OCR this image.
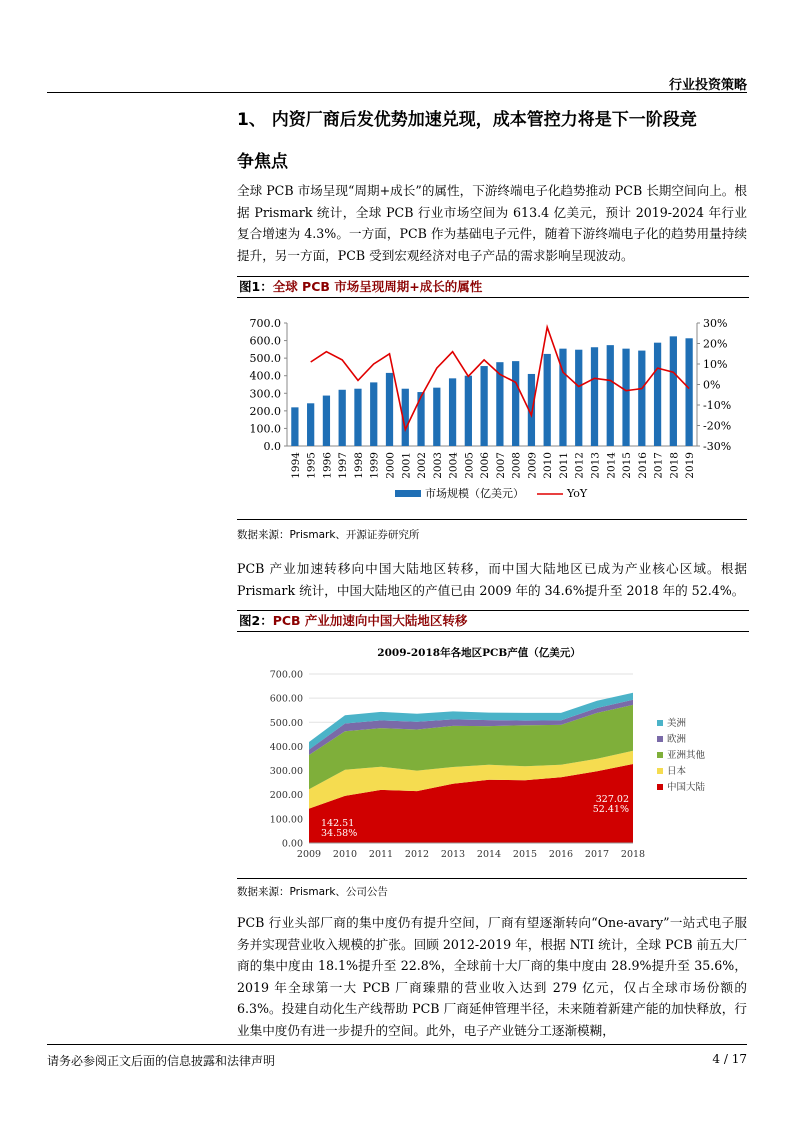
行业投资策略
1、 内资厂商后发优势加速兑现，成本管控力将是下一阶段竞
争焦点
全球 PCB 市场呈现“周期+成长”的属性，下游终端电子化趋势推动 PCB 长期空间向上。根据 Prismark 统计，全球 PCB 行业市场空间为 613.4 亿美元，预计 2019-2024 年行业复合增速为 4.3%。一方面，PCB 作为基础电子元件，随着下游终端电子化的趋势用量持续提升，另一方面，PCB 受到宏观经济对电子产品的需求影响呈现波动。
图1：全球 PCB 市场呈现周期+成长的属性
0.0
100.0
200.0
300.0
400.0
500.0
600.0
700.0
-30%
-20%
-10%
0%
10%
20%
30%
1994 1995 1996 1997 1998 1999 2000 2001 2002 2003 2004 2005 2006 2007 2008 2009 2010 2011 2012 2013 2014 2015 2016 2017 2018 2019
市场规模（亿美元）	YoY
数据来源：Prismark、开源证券研究所
PCB 产业加速转移向中国大陆地区转移，而中国大陆地区已成为产业核心区域。根据 Prismark 统计，中国大陆地区的产值已由 2009 年的 34.6%提升至 2018 年的 52.4%。
图2：PCB 产业加速向中国大陆地区转移
2009-2018年各地区PCB产值（亿美元）
0.00
100.00
200.00
300.00
400.00
500.00
600.00
700.00
2009 2010 2011 2012 2013 2014 2015 2016 2017 2018
142.51
34.58%
327.02
52.41%
美洲
欧洲
亚洲其他
日本
中国大陆
数据来源：Prismark、公司公告
PCB 行业头部厂商的集中度仍有提升空间，厂商有望逐渐转向“One-avary”一站式电子服务并实现营业收入规模的扩张。回顾 2012-2019 年，根据 NTI 统计，全球 PCB 前五大厂商的集中度由 18.1%提升至 22.8%，全球前十大厂商的集中度由 28.9%提升至 35.6%，2019 年全球第一大 PCB 厂商臻鼎的营业收入达到 279 亿元，仅占全球市场份额的 6.3%。投建自动化生产线帮助 PCB 厂商延伸管理半径，未来随着新建产能的加快释放，行业集中度仍有进一步提升的空间。此外，电子产业链分工逐渐模糊，
请务必参阅正文后面的信息披露和法律声明	4 / 17
